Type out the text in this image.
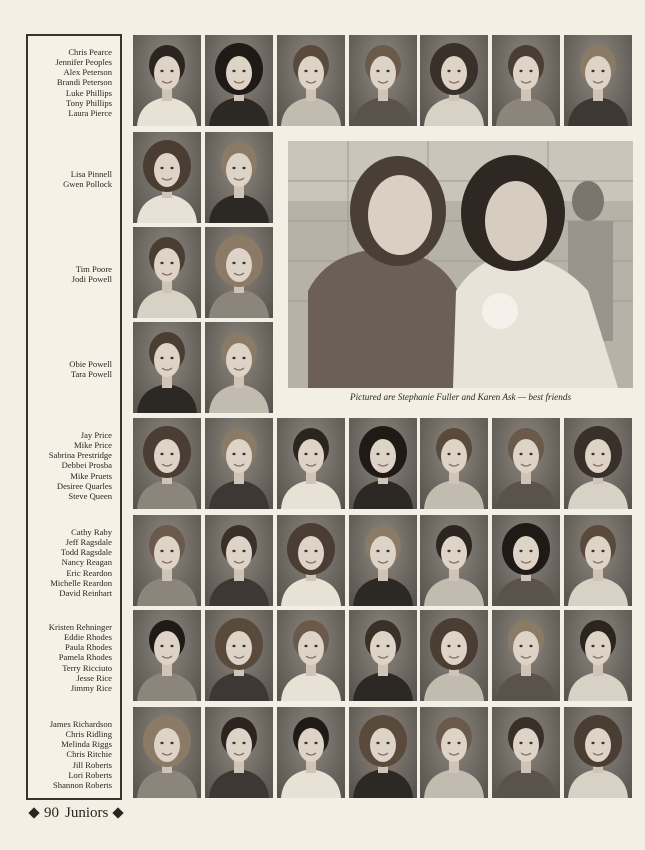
Chris Pearce
Jennifer Peoples
Alex Peterson
Brandi Peterson
Luke Phillips
Tony Phillips
Laura Pierce
Lisa Pinnell
Gwen Pollock
Tim Poore
Jodi Powell
Obie Powell
Tara Powell
Jay Price
Mike Price
Sabrina Prestridge
Debbei Prosba
Mike Pruets
Desiree Quarles
Steve Queen
Cathy Raby
Jeff Ragsdale
Todd Ragsdale
Nancy Reagan
Eric Reardon
Michelle Reardon
David Reinhart
Kristen Rehninger
Eddie Rhodes
Paula Rhodes
Pamela Rhodes
Terry Ricciuto
Jesse Rice
Jimmy Rice
James Richardson
Chris Ridling
Melinda Riggs
Chris Ritchie
Jill Roberts
Lori Roberts
Shannon Roberts
Pictured are Stephanie Fuller and Karen Ask — best friends
90 Juniors
